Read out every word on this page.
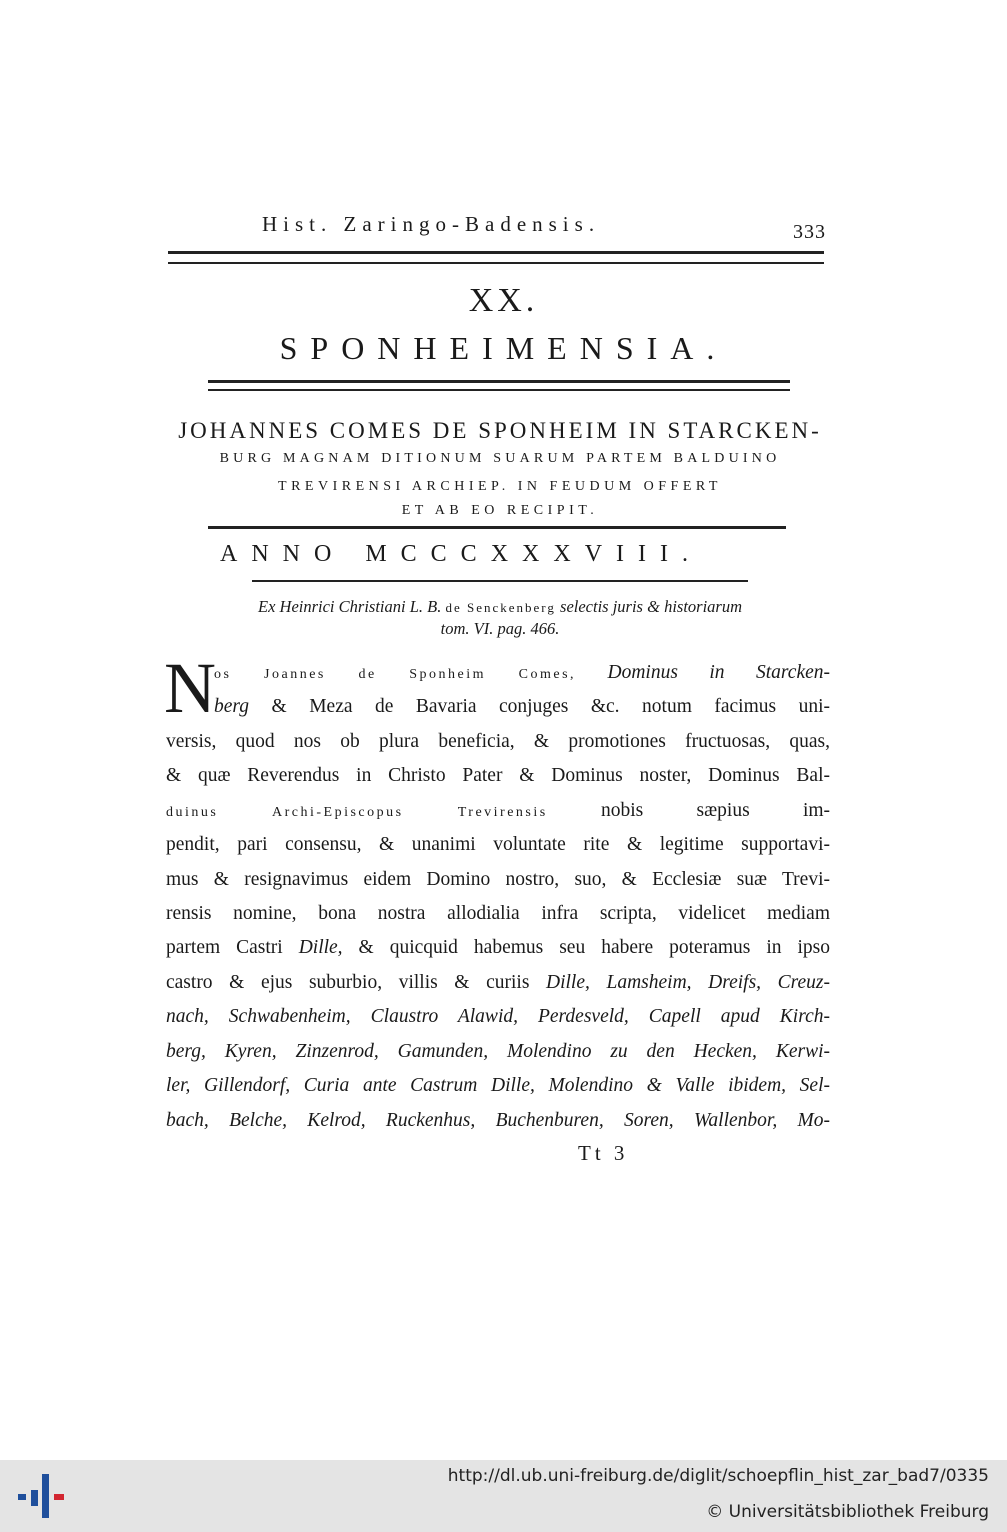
Hist. Zaringo-Badensis.	333
XX.
SPONHEIMENSIA.
JOHANNES COMES DE SPONHEIM IN STARCKEN-
BURG MAGNAM DITIONUM SUARUM PARTEM BALDUINO
TREVIRENSI ARCHIEP. IN FEUDUM OFFERT
ET AB EO RECIPIT.
ANNO MCCCXXXVIII.
Ex Heinrici Christiani L. B. de Senckenberg selectis juris & historiarum
tom. VI. pag. 466.
N
os Joannes de Sponheim Comes, Dominus in Starcken-
berg & Meza de Bavaria conjuges &c. notum facimus uni-
versis, quod nos ob plura beneficia, & promotiones fructuosas, quas,
& quæ Reverendus in Christo Pater & Dominus noster, Dominus Bal-
duinus Archi-Episcopus Trevirensis	nobis sæpius im-
pendit, pari consensu, & unanimi voluntate rite & legitime supportavi-
mus & resignavimus eidem Domino nostro, suo, & Ecclesiæ suæ Trevi-
rensis nomine, bona nostra allodialia infra scripta, videlicet mediam
partem Castri Dille, & quicquid habemus seu habere poteramus in ipso
castro & ejus suburbio, villis & curiis Dille, Lamsheim, Dreifs, Creuz-
nach, Schwabenheim, Claustro Alawid, Perdesveld, Capell apud Kirch-
berg, Kyren, Zinzenrod, Gamunden, Molendino zu den Hecken, Kerwi-
ler, Gillendorf, Curia ante Castrum Dille, Molendino & Valle ibidem, Sel-
bach, Belche, Kelrod, Ruckenhus, Buchenburen, Soren, Wallenbor, Mo-
Tt 3
http://dl.ub.uni-freiburg.de/diglit/schoepflin_hist_zar_bad7/0335
© Universitätsbibliothek Freiburg
